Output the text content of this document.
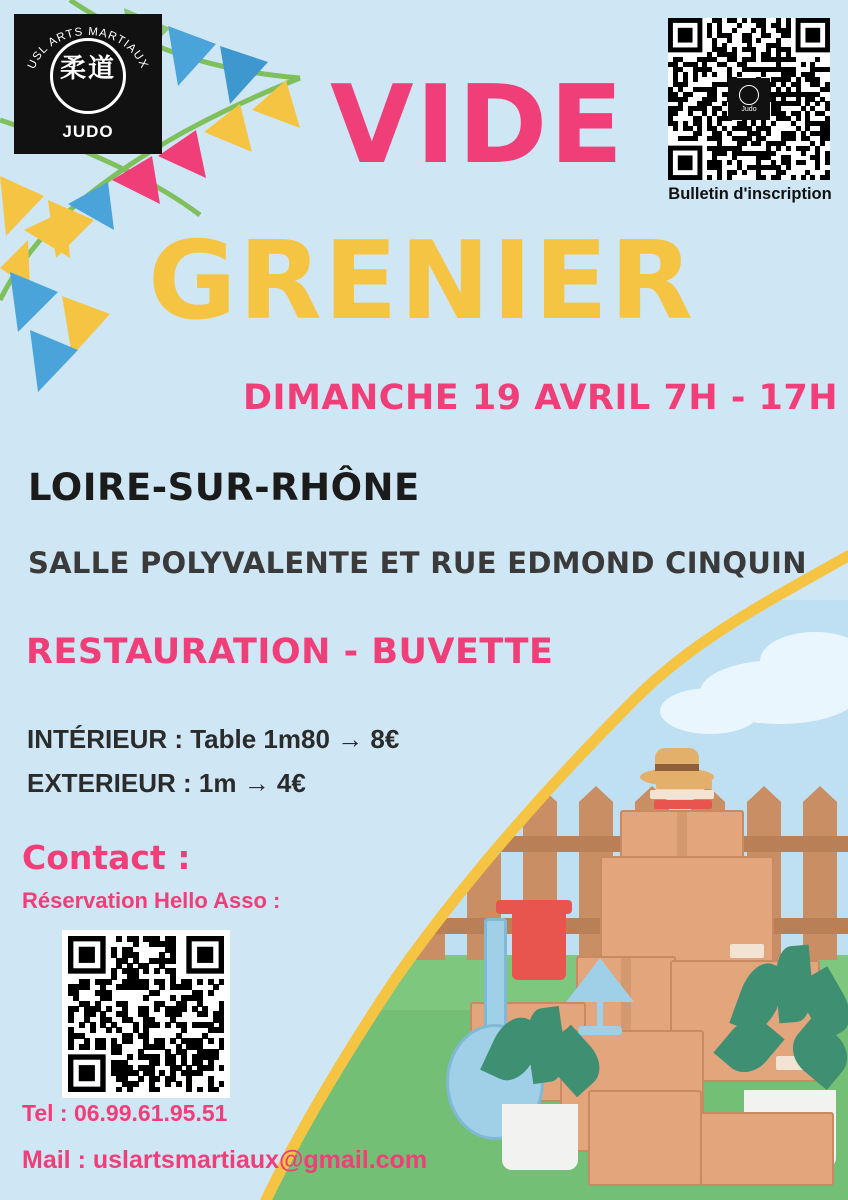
USL ARTS MARTIAUX
柔道
JUDO
Judo
Bulletin d'inscription
VIDE
GRENIER
DIMANCHE 19 AVRIL 7H - 17H
LOIRE-SUR-RHÔNE
SALLE POLYVALENTE ET RUE EDMOND CINQUIN
RESTAURATION - BUVETTE
INTÉRIEUR : Table 1m80 → 8€
EXTERIEUR : 1m → 4€
Contact :
Réservation Hello Asso :
Tel : 06.99.61.95.51
Mail : uslartsmartiaux@gmail.com
